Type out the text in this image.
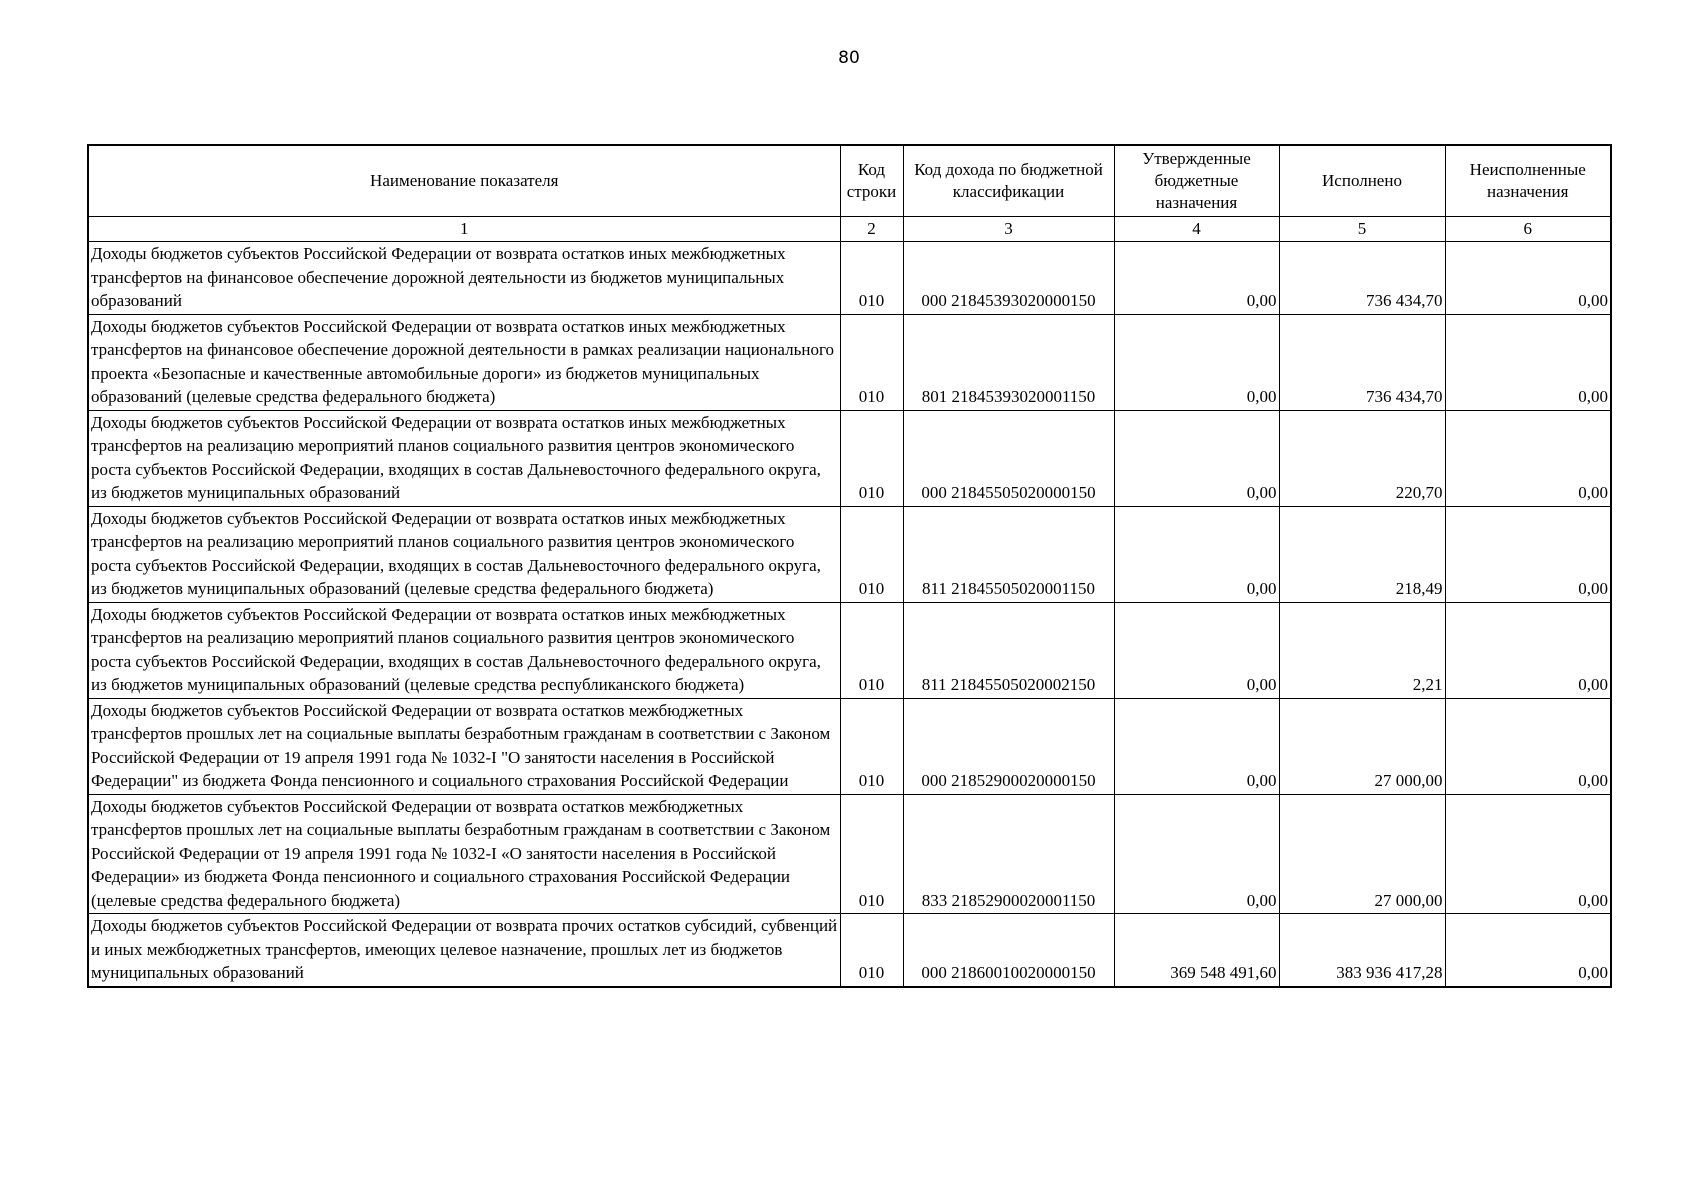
80
Наименование показателя	Код строки	Код дохода по бюджетной классификации	Утвержденные бюджетные назначения	Исполнено	Неисполненные назначения
1	2	3	4	5	6
Доходы бюджетов субъектов Российской Федерации от возврата остатков иных межбюджетных трансфертов на финансовое обеспечение дорожной деятельности из бюджетов муниципальных образований	010	000 21845393020000150	0,00	736 434,70	0,00
Доходы бюджетов субъектов Российской Федерации от возврата остатков иных межбюджетных трансфертов на финансовое обеспечение дорожной деятельности в рамках реализации национального проекта «Безопасные и качественные автомобильные дороги» из бюджетов муниципальных образований (целевые средства федерального бюджета)	010	801 21845393020001150	0,00	736 434,70	0,00
Доходы бюджетов субъектов Российской Федерации от возврата остатков иных межбюджетных трансфертов на реализацию мероприятий планов социального развития центров экономического роста субъектов Российской Федерации, входящих в состав Дальневосточного федерального округа, из бюджетов муниципальных образований	010	000 21845505020000150	0,00	220,70	0,00
Доходы бюджетов субъектов Российской Федерации от возврата остатков иных межбюджетных трансфертов на реализацию мероприятий планов социального развития центров экономического роста субъектов Российской Федерации, входящих в состав Дальневосточного федерального округа, из бюджетов муниципальных образований (целевые средства федерального бюджета)	010	811 21845505020001150	0,00	218,49	0,00
Доходы бюджетов субъектов Российской Федерации от возврата остатков иных межбюджетных трансфертов на реализацию мероприятий планов социального развития центров экономического роста субъектов Российской Федерации, входящих в состав Дальневосточного федерального округа, из бюджетов муниципальных образований (целевые средства республиканского бюджета)	010	811 21845505020002150	0,00	2,21	0,00
Доходы бюджетов субъектов Российской Федерации от возврата остатков межбюджетных трансфертов прошлых лет на социальные выплаты безработным гражданам в соответствии с Законом Российской Федерации от 19 апреля 1991 года № 1032-I "О занятости населения в Российской Федерации" из бюджета Фонда пенсионного и социального страхования Российской Федерации	010	000 21852900020000150	0,00	27 000,00	0,00
Доходы бюджетов субъектов Российской Федерации от возврата остатков межбюджетных трансфертов прошлых лет на социальные выплаты безработным гражданам в соответствии с Законом Российской Федерации от 19 апреля 1991 года № 1032-I «О занятости населения в Российской Федерации» из бюджета Фонда пенсионного и социального страхования Российской Федерации (целевые средства федерального бюджета)	010	833 21852900020001150	0,00	27 000,00	0,00
Доходы бюджетов субъектов Российской Федерации от возврата прочих остатков субсидий, субвенций и иных межбюджетных трансфертов, имеющих целевое назначение, прошлых лет из бюджетов муниципальных образований	010	000 21860010020000150	369 548 491,60	383 936 417,28	0,00
